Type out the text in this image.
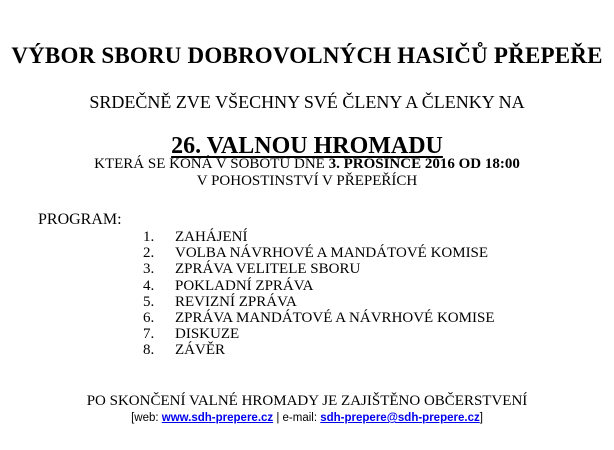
VÝBOR SBORU DOBROVOLNÝCH HASIČŮ PŘEPEŘE

SRDEČNĚ ZVE VŠECHNY SVÉ ČLENY A ČLENKY NA

26. VALNOU HROMADU
KTERÁ SE KONÁ V SOBOTU DNE 3. PROSINCE 2016 OD 18:00
V POHOSTINSTVÍ V PŘEPEŘÍCH
PROGRAM:
1. ZAHÁJENÍ
2. VOLBA NÁVRHOVÉ A MANDÁTOVÉ KOMISE
3. ZPRÁVA VELITELE SBORU
4. POKLADNÍ ZPRÁVA
5. REVIZNÍ ZPRÁVA
6. ZPRÁVA MANDÁTOVÉ A NÁVRHOVÉ KOMISE
7. DISKUZE
8. ZÁVĚR

PO SKONČENÍ VALNÉ HROMADY JE ZAJIŠTĚNO OBČERSTVENÍ

[web: www.sdh-prepere.cz | e-mail: sdh-prepere@sdh-prepere.cz]
